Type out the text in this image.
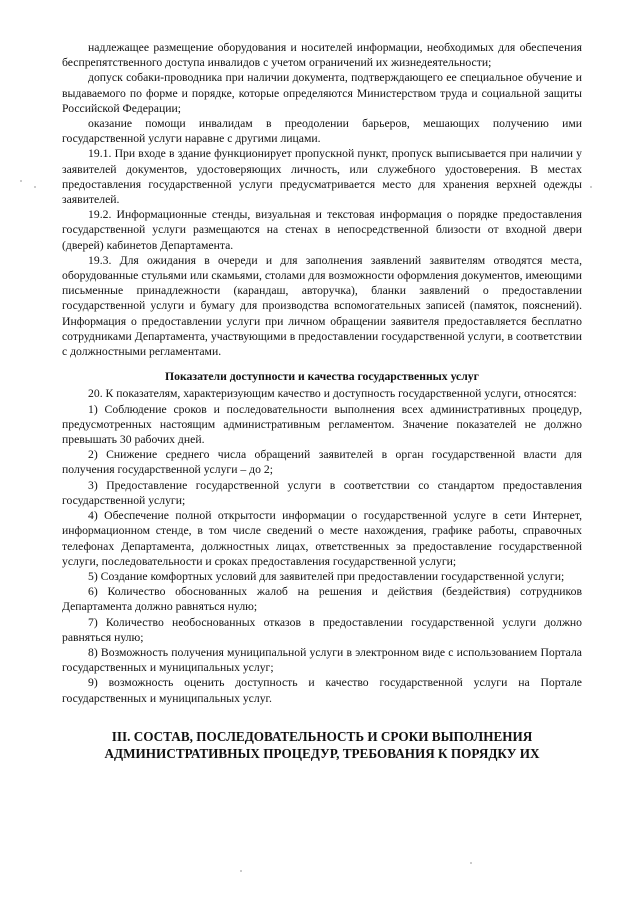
надлежащее размещение оборудования и носителей информации, необходимых для обеспечения беспрепятственного доступа инвалидов с учетом ограничений их жизнедеятельности;

допуск собаки-проводника при наличии документа, подтверждающего ее специальное обучение и выдаваемого по форме и порядке, которые определяются Министерством труда и социальной защиты Российской Федерации;

оказание помощи инвалидам в преодолении барьеров, мешающих получению ими государственной услуги наравне с другими лицами.

19.1. При входе в здание функционирует пропускной пункт, пропуск выписывается при наличии у заявителей документов, удостоверяющих личность, или служебного удостоверения. В местах предоставления государственной услуги предусматривается место для хранения верхней одежды заявителей.

19.2. Информационные стенды, визуальная и текстовая информация о порядке предоставления государственной услуги размещаются на стенах в непосредственной близости от входной двери (дверей) кабинетов Департамента.

19.3. Для ожидания в очереди и для заполнения заявлений заявителям отводятся места, оборудованные стульями или скамьями, столами для возможности оформления документов, имеющими письменные принадлежности (карандаш, авторучка), бланки заявлений о предоставлении государственной услуги и бумагу для производства вспомогательных записей (памяток, пояснений). Информация о предоставлении услуги при личном обращении заявителя предоставляется бесплатно сотрудниками Департамента, участвующими в предоставлении государственной услуги, в соответствии с должностными регламентами.

Показатели доступности и качества государственных услуг

20. К показателям, характеризующим качество и доступность государственной услуги, относятся:

1) Соблюдение сроков и последовательности выполнения всех административных процедур, предусмотренных настоящим административным регламентом. Значение показателей не должно превышать 30 рабочих дней.

2) Снижение среднего числа обращений заявителей в орган государственной власти для получения государственной услуги – до 2;

3) Предоставление государственной услуги в соответствии со стандартом предоставления государственной услуги;

4) Обеспечение полной открытости информации о государственной услуге в сети Интернет, информационном стенде, в том числе сведений о месте нахождения, графике работы, справочных телефонах Департамента, должностных лицах, ответственных за предоставление государственной услуги, последовательности и сроках предоставления государственной услуги;

5) Создание комфортных условий для заявителей при предоставлении государственной услуги;

6) Количество обоснованных жалоб на решения и действия (бездействия) сотрудников Департамента должно равняться нулю;

7) Количество необоснованных отказов в предоставлении государственной услуги должно равняться нулю;

8) Возможность получения муниципальной услуги в электронном виде с использованием Портала государственных и муниципальных услуг;

9) возможность оценить доступность и качество государственной услуги на Портале государственных и муниципальных услуг.

III. СОСТАВ, ПОСЛЕДОВАТЕЛЬНОСТЬ И СРОКИ ВЫПОЛНЕНИЯ
АДМИНИСТРАТИВНЫХ ПРОЦЕДУР, ТРЕБОВАНИЯ К ПОРЯДКУ ИХ
